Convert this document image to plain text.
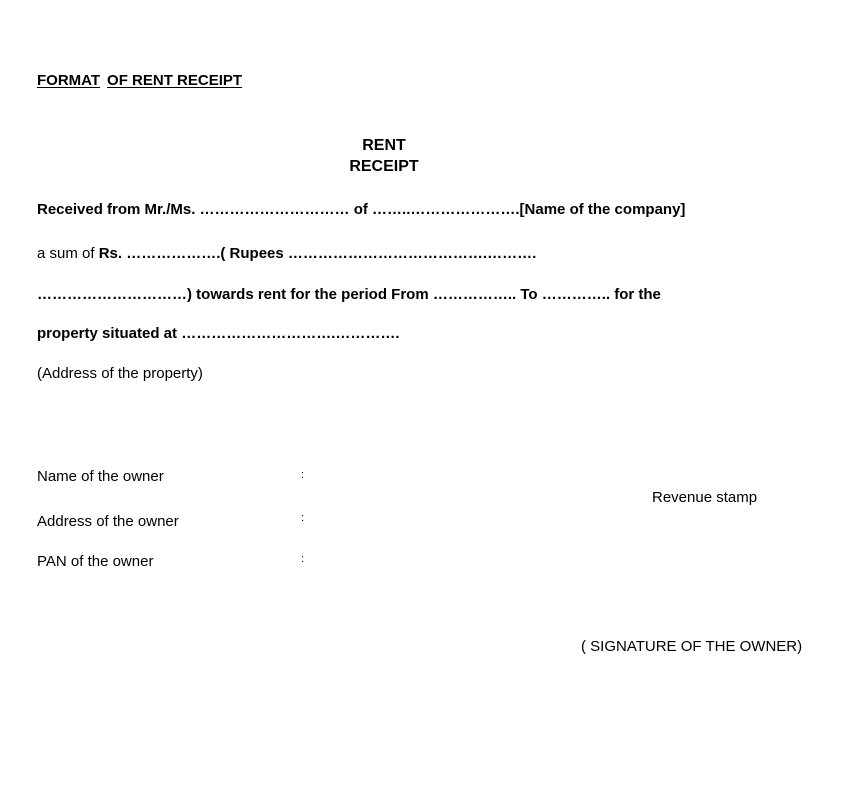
FORMAT OF RENT RECEIPT
RENT
RECEIPT
Received from Mr./Ms. ………………………… of ……..………………….[Name of the company]
a sum of Rs. ……………….( Rupees ………………………………….……….
…………………………) towards rent for the period From …………….. To ………….. for the
property situated at ………………………….………….
(Address of the property)
Name of the owner	:
Address of the owner	:
PAN of the owner	:
Revenue stamp
( SIGNATURE OF THE OWNER)
